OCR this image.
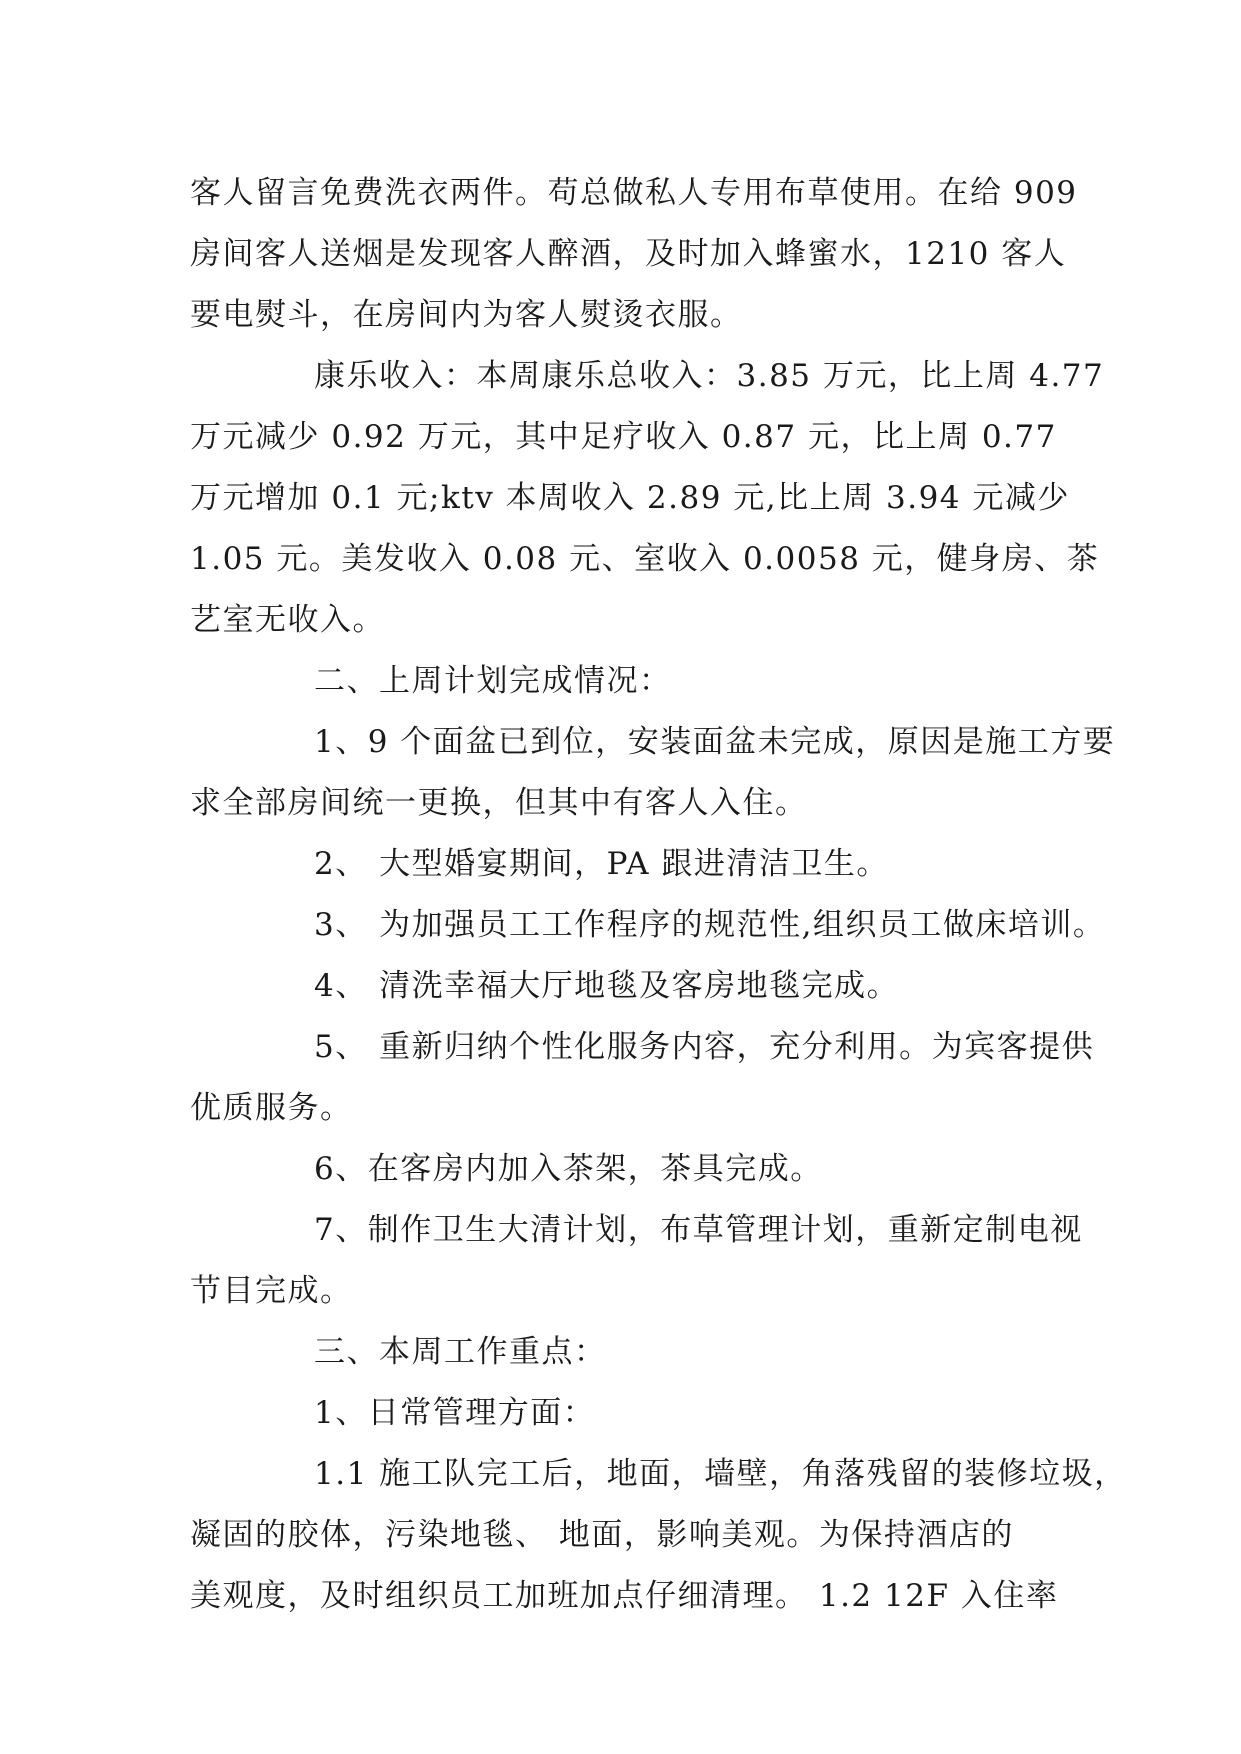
客人留言免费洗衣两件。苟总做私人专用布草使用。在给 909
房间客人送烟是发现客人醉酒，及时加入蜂蜜水，1210 客人
要电熨斗，在房间内为客人熨烫衣服。
康乐收入：本周康乐总收入：3.85 万元，比上周 4.77
万元减少 0.92 万元，其中足疗收入 0.87 元，比上周 0.77
万元增加 0.1 元;ktv 本周收入 2.89 元,比上周 3.94 元减少
1.05 元。美发收入 0.08 元、室收入 0.0058 元，健身房、茶
艺室无收入。
二、上周计划完成情况：
1、9 个面盆已到位，安装面盆未完成，原因是施工方要
求全部房间统一更换，但其中有客人入住。
2、 大型婚宴期间，PA 跟进清洁卫生。
3、 为加强员工工作程序的规范性,组织员工做床培训。
4、 清洗幸福大厅地毯及客房地毯完成。
5、 重新归纳个性化服务内容，充分利用。为宾客提供
优质服务。
6、在客房内加入茶架，茶具完成。
7、制作卫生大清计划，布草管理计划，重新定制电视
节目完成。
三、本周工作重点：
1、日常管理方面：
1.1 施工队完工后，地面，墙壁，角落残留的装修垃圾，
凝固的胶体，污染地毯、 地面，影响美观。为保持酒店的
美观度，及时组织员工加班加点仔细清理。 1.2 12F 入住率
